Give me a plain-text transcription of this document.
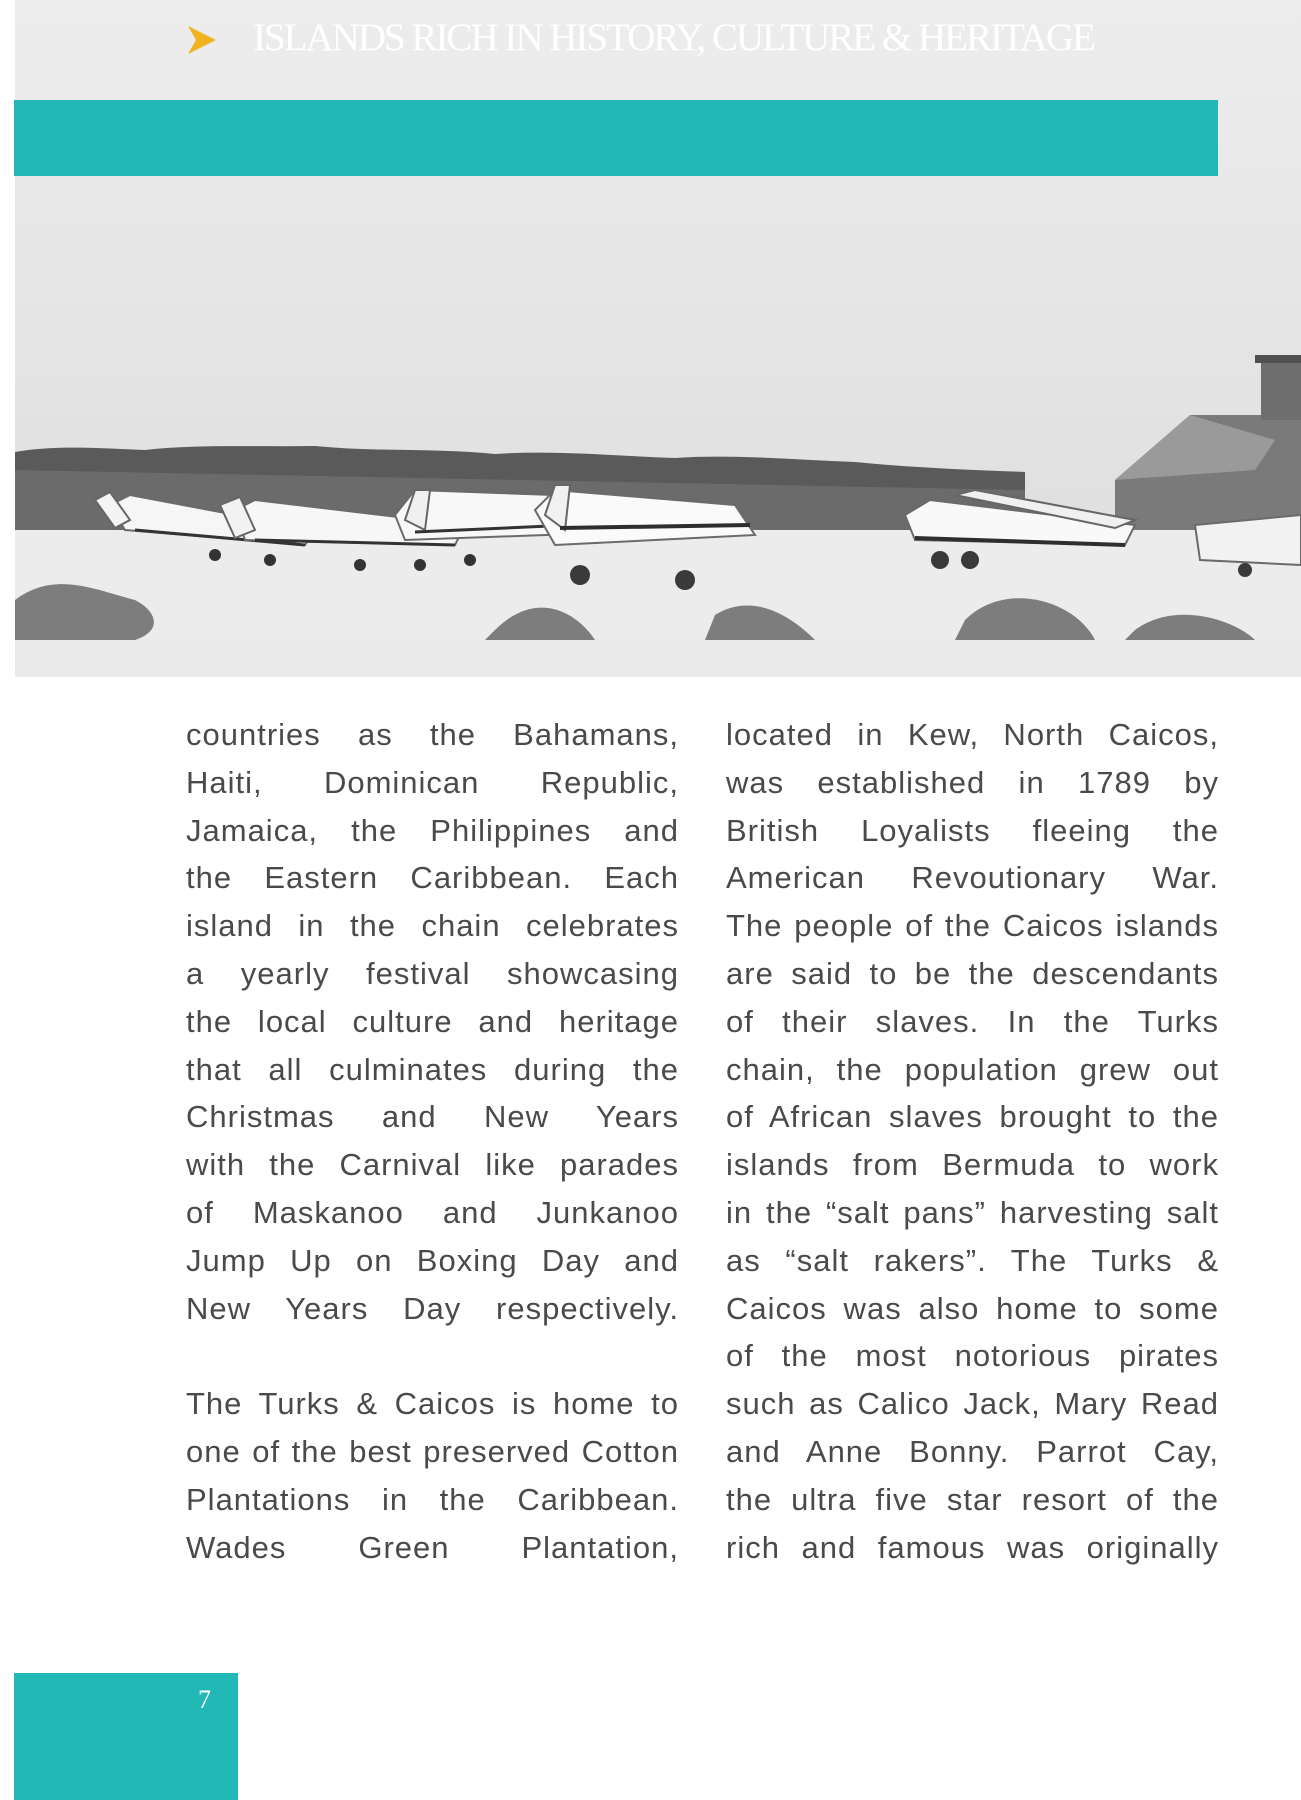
ISLANDS RICH IN HISTORY, CULTURE & HERITAGE
countries as the Bahamans,
Haiti, Dominican Republic,
Jamaica, the Philippines and
the Eastern Caribbean. Each
island in the chain celebrates
a yearly festival showcasing
the local culture and heritage
that all culminates during the
Christmas and New Years
with the Carnival like parades
of Maskanoo and Junkanoo
Jump Up on Boxing Day and
New Years Day respectively.
The Turks & Caicos is home to
one of the best preserved Cotton
Plantations in the Caribbean.
Wades Green Plantation,
located in Kew, North Caicos,
was established in 1789 by
British Loyalists fleeing the
American Revoutionary War.
The people of the Caicos islands
are said to be the descendants
of their slaves. In the Turks
chain, the population grew out
of African slaves brought to the
islands from Bermuda to work
in the “salt pans” harvesting salt
as “salt rakers”. The Turks &
Caicos was also home to some
of the most notorious pirates
such as Calico Jack, Mary Read
and Anne Bonny. Parrot Cay,
the ultra five star resort of the
rich and famous was originally
7
